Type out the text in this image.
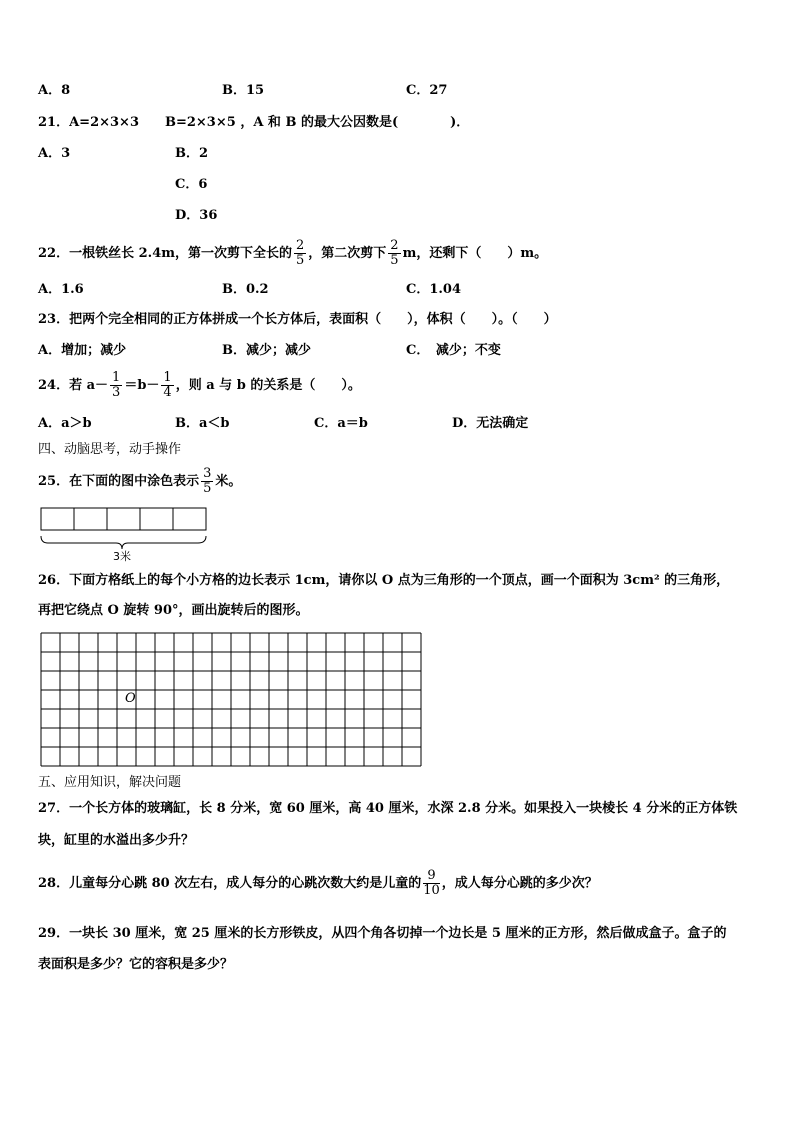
A．8	B．15	C．27
21．A=2×3×3　　B=2×3×5 ，A 和 B 的最大公因数是(　　　　)．
A．3	B．2
C．6
D．36
22．一根铁丝长 2.4m，第一次剪下全长的 $\frac{2}{5}$ ，第二次剪下 $\frac{2}{5}$ m，还剩下（　　）m。
A．1.6	B．0.2	C．1.04
23．把两个完全相同的正方体拼成一个长方体后，表面积（　　），体积（　　）。（　　）
A．增加；减少	B．减少；减少	C．　减少；不变
24．若 $a- \frac{1}{3} =b- \frac{1}{4}$ ，则 a 与 b 的关系是（　　）。
A．a＞b	B．a＜b	C．a＝b	D．无法确定
四、动脑思考，动手操作
25．在下面的图中涂色表示 $\frac{3}{5}$ 米。
3米
26．下面方格纸上的每个小方格的边长表示 1cm，请你以 O 点为三角形的一个顶点，画一个面积为 3cm² 的三角形，
再把它绕点 O 旋转 90°，画出旋转后的图形。
O
五、应用知识，解决问题
27．一个长方体的玻璃缸，长 8 分米，宽 60 厘米，高 40 厘米，水深 2.8 分米。如果投入一块棱长 4 分米的正方体铁
块，缸里的水溢出多少升？
28．儿童每分心跳 80 次左右，成人每分的心跳次数大约是儿童的 $\frac{9}{10}$ ，成人每分心跳的多少次？
29．一块长 30 厘米，宽 25 厘米的长方形铁皮，从四个角各切掉一个边长是 5 厘米的正方形，然后做成盒子。盒子的
表面积是多少？它的容积是多少？
